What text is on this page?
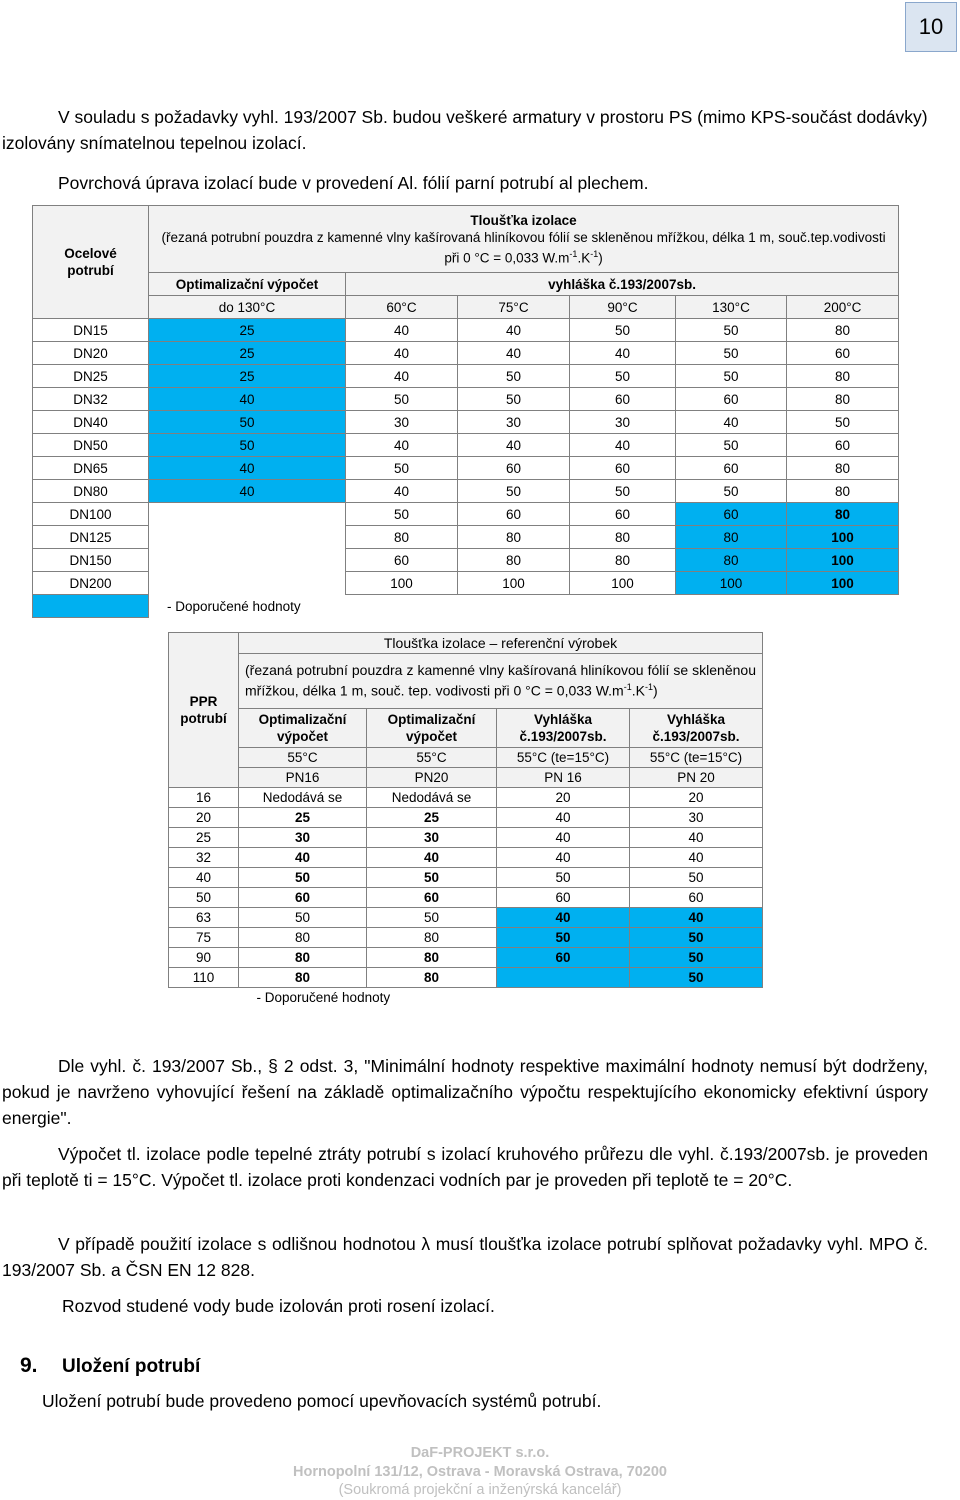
10
V souladu s požadavky vyhl. 193/2007 Sb. budou veškeré armatury v prostoru PS (mimo KPS-součást dodávky) izolovány snímatelnou tepelnou izolací.
Povrchová úprava izolací bude v provedení Al. fólií parní potrubí al plechem.
Ocelové potrubí	Tloušťka izolace
(řezaná potrubní pouzdra z kamenné vlny kašírovaná hliníkovou fólií se skleněnou mřížkou, délka 1 m, souč.tep.vodivosti při 0 °C = 0,033 $W.m^{-1}.K^{-1}$)					

	Optimalizační výpočet	vyhláška č.193/2007sb.				
	do 130°C	60°C	75°C	90°C	130°C	200°C
DN15	25	40	40	50	50	80
DN20	25	40	40	40	50	60
DN25	25	40	50	50	50	80
DN32	40	50	50	60	60	80
DN40	50	30	30	30	40	50
DN50	50	40	40	40	50	60
DN65	40	50	60	60	60	80
DN80	40	40	50	50	50	80
DN100		50	60	60	60	80
DN125		80	80	80	80	100
DN150		60	80	80	80	100
DN200		100	100	100	100	100
	- Doporučené hodnoty					
PPR potrubí	Tloušťka izolace – referenční výrobek			
	(řezaná potrubní pouzdra z kamenné vlny kašírovaná hliníkovou fólií se skleněnou mřížkou, délka 1 m, souč. tep. vodivosti při 0 °C = 0,033 $W.m^{-1}.K^{-1}$)			
	Optimalizační výpočet	Optimalizační výpočet	Vyhláška č.193/2007sb.	Vyhláška č.193/2007sb.
	55°C	55°C	55°C (te=15°C)	55°C (te=15°C)
	PN16	PN20	PN 16	PN 20
16	Nedodává se	Nedodává se	20	20
20	25	25	40	30
25	30	30	40	40
32	40	40	40	40
40	50	50	50	50
50	60	60	60	60
63	50	50	40	40
75	80	80	50	50
90	80	80	60	50
110	80	80		50
	- Doporučené hodnoty			
Dle vyhl. č. 193/2007 Sb., § 2 odst. 3, "Minimální hodnoty respektive maximální hodnoty nemusí být dodrženy, pokud je navrženo vyhovující řešení na základě optimalizačního výpočtu respektujícího ekonomicky efektivní úspory energie".
Výpočet tl. izolace podle tepelné ztráty potrubí s izolací kruhového průřezu dle vyhl. č.193/2007sb. je proveden při teplotě ti = 15°C. Výpočet tl. izolace proti kondenzaci vodních par je proveden při teplotě te = 20°C.
V případě použití izolace s odlišnou hodnotou λ musí tloušťka izolace potrubí splňovat požadavky vyhl. MPO č. 193/2007 Sb. a ČSN EN 12 828.
Rozvod studené vody bude izolován proti rosení izolací.
9. Uložení potrubí
Uložení potrubí bude provedeno pomocí upevňovacích systémů potrubí.
DaF-PROJEKT s.r.o.
Hornopolní 131/12, Ostrava - Moravská Ostrava, 70200
(Soukromá projekční a inženýrská kancelář)
